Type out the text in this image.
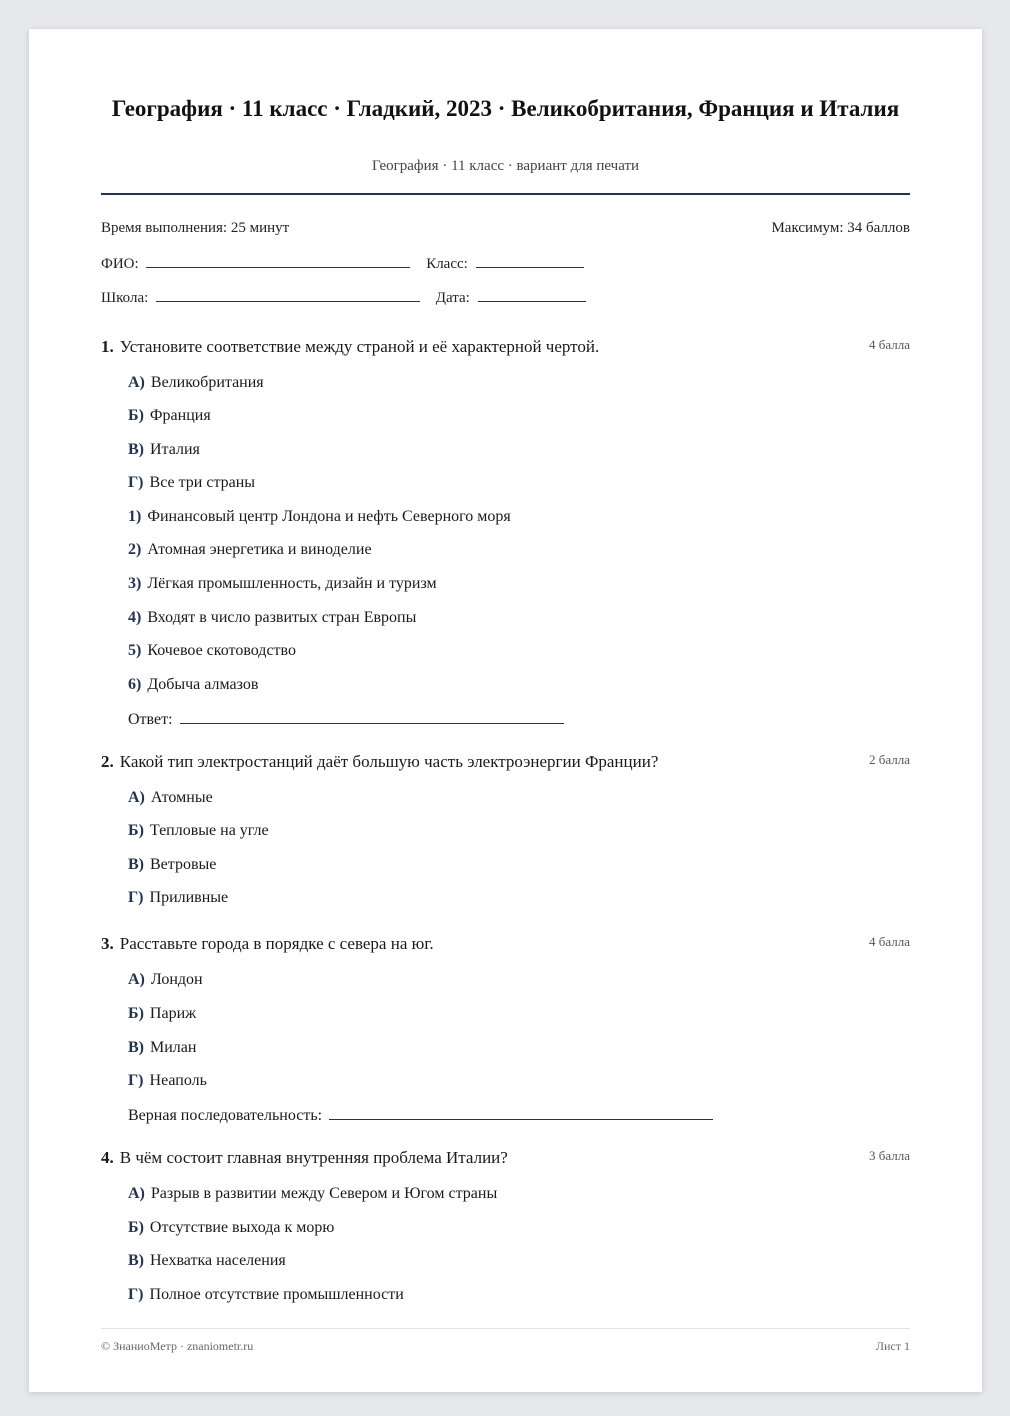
География · 11 класс · Гладкий, 2023 · Великобритания, Франция и Италия
География · 11 класс · вариант для печати
Время выполнения: 25 минут	Максимум: 34 баллов
ФИО:	Класс:
Школа:	Дата:
1. Установите соответствие между страной и её характерной чертой.	4 балла
А) Великобритания
Б) Франция
В) Италия
Г) Все три страны
1) Финансовый центр Лондона и нефть Северного моря
2) Атомная энергетика и виноделие
3) Лёгкая промышленность, дизайн и туризм
4) Входят в число развитых стран Европы
5) Кочевое скотоводство
6) Добыча алмазов
Ответ:
2. Какой тип электростанций даёт большую часть электроэнергии Франции?	2 балла
А) Атомные
Б) Тепловые на угле
В) Ветровые
Г) Приливные
3. Расставьте города в порядке с севера на юг.	4 балла
А) Лондон
Б) Париж
В) Милан
Г) Неаполь
Верная последовательность:
4. В чём состоит главная внутренняя проблема Италии?	3 балла
А) Разрыв в развитии между Севером и Югом страны
Б) Отсутствие выхода к морю
В) Нехватка населения
Г) Полное отсутствие промышленности
© ЗнаниоМетр · znaniometr.ru	Лист 1
